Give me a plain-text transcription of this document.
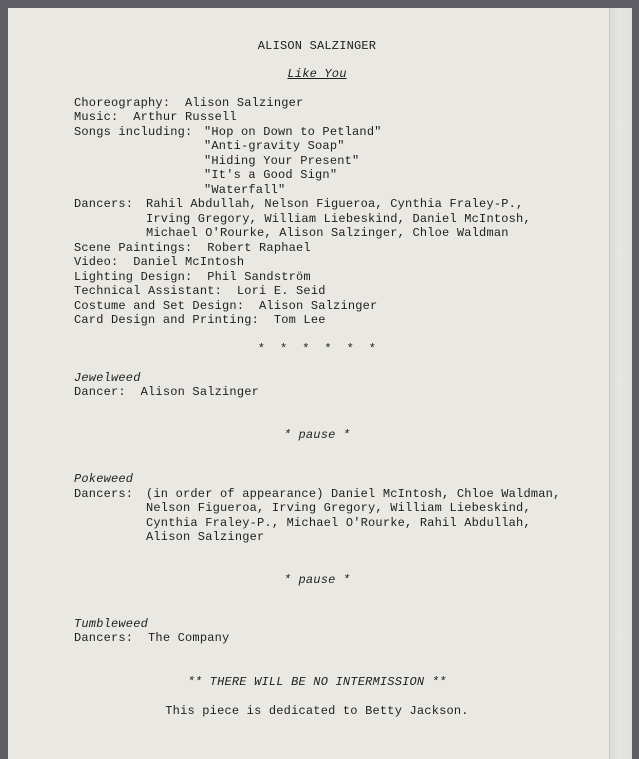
ALISON SALZINGER
Like You
Choreography:  Alison Salzinger
Music:  Arthur Russell
Songs including: "Hop on Down to Petland"
"Anti-gravity Soap"
"Hiding Your Present"
"It's a Good Sign"
"Waterfall"
Dancers: Rahil Abdullah, Nelson Figueroa, Cynthia Fraley-P.,
Irving Gregory, William Liebeskind, Daniel McIntosh,
Michael O'Rourke, Alison Salzinger, Chloe Waldman
Scene Paintings:  Robert Raphael
Video:  Daniel McIntosh
Lighting Design:  Phil Sandström
Technical Assistant:  Lori E. Seid
Costume and Set Design:  Alison Salzinger
Card Design and Printing:  Tom Lee
*  *  *  *  *  *
Jewelweed
Dancer:  Alison Salzinger
* pause *
Pokeweed
Dancers: (in order of appearance) Daniel McIntosh, Chloe Waldman,
Nelson Figueroa, Irving Gregory, William Liebeskind,
Cynthia Fraley-P., Michael O'Rourke, Rahil Abdullah,
Alison Salzinger
* pause *
Tumbleweed
Dancers:  The Company
** THERE WILL BE NO INTERMISSION **
This piece is dedicated to Betty Jackson.
